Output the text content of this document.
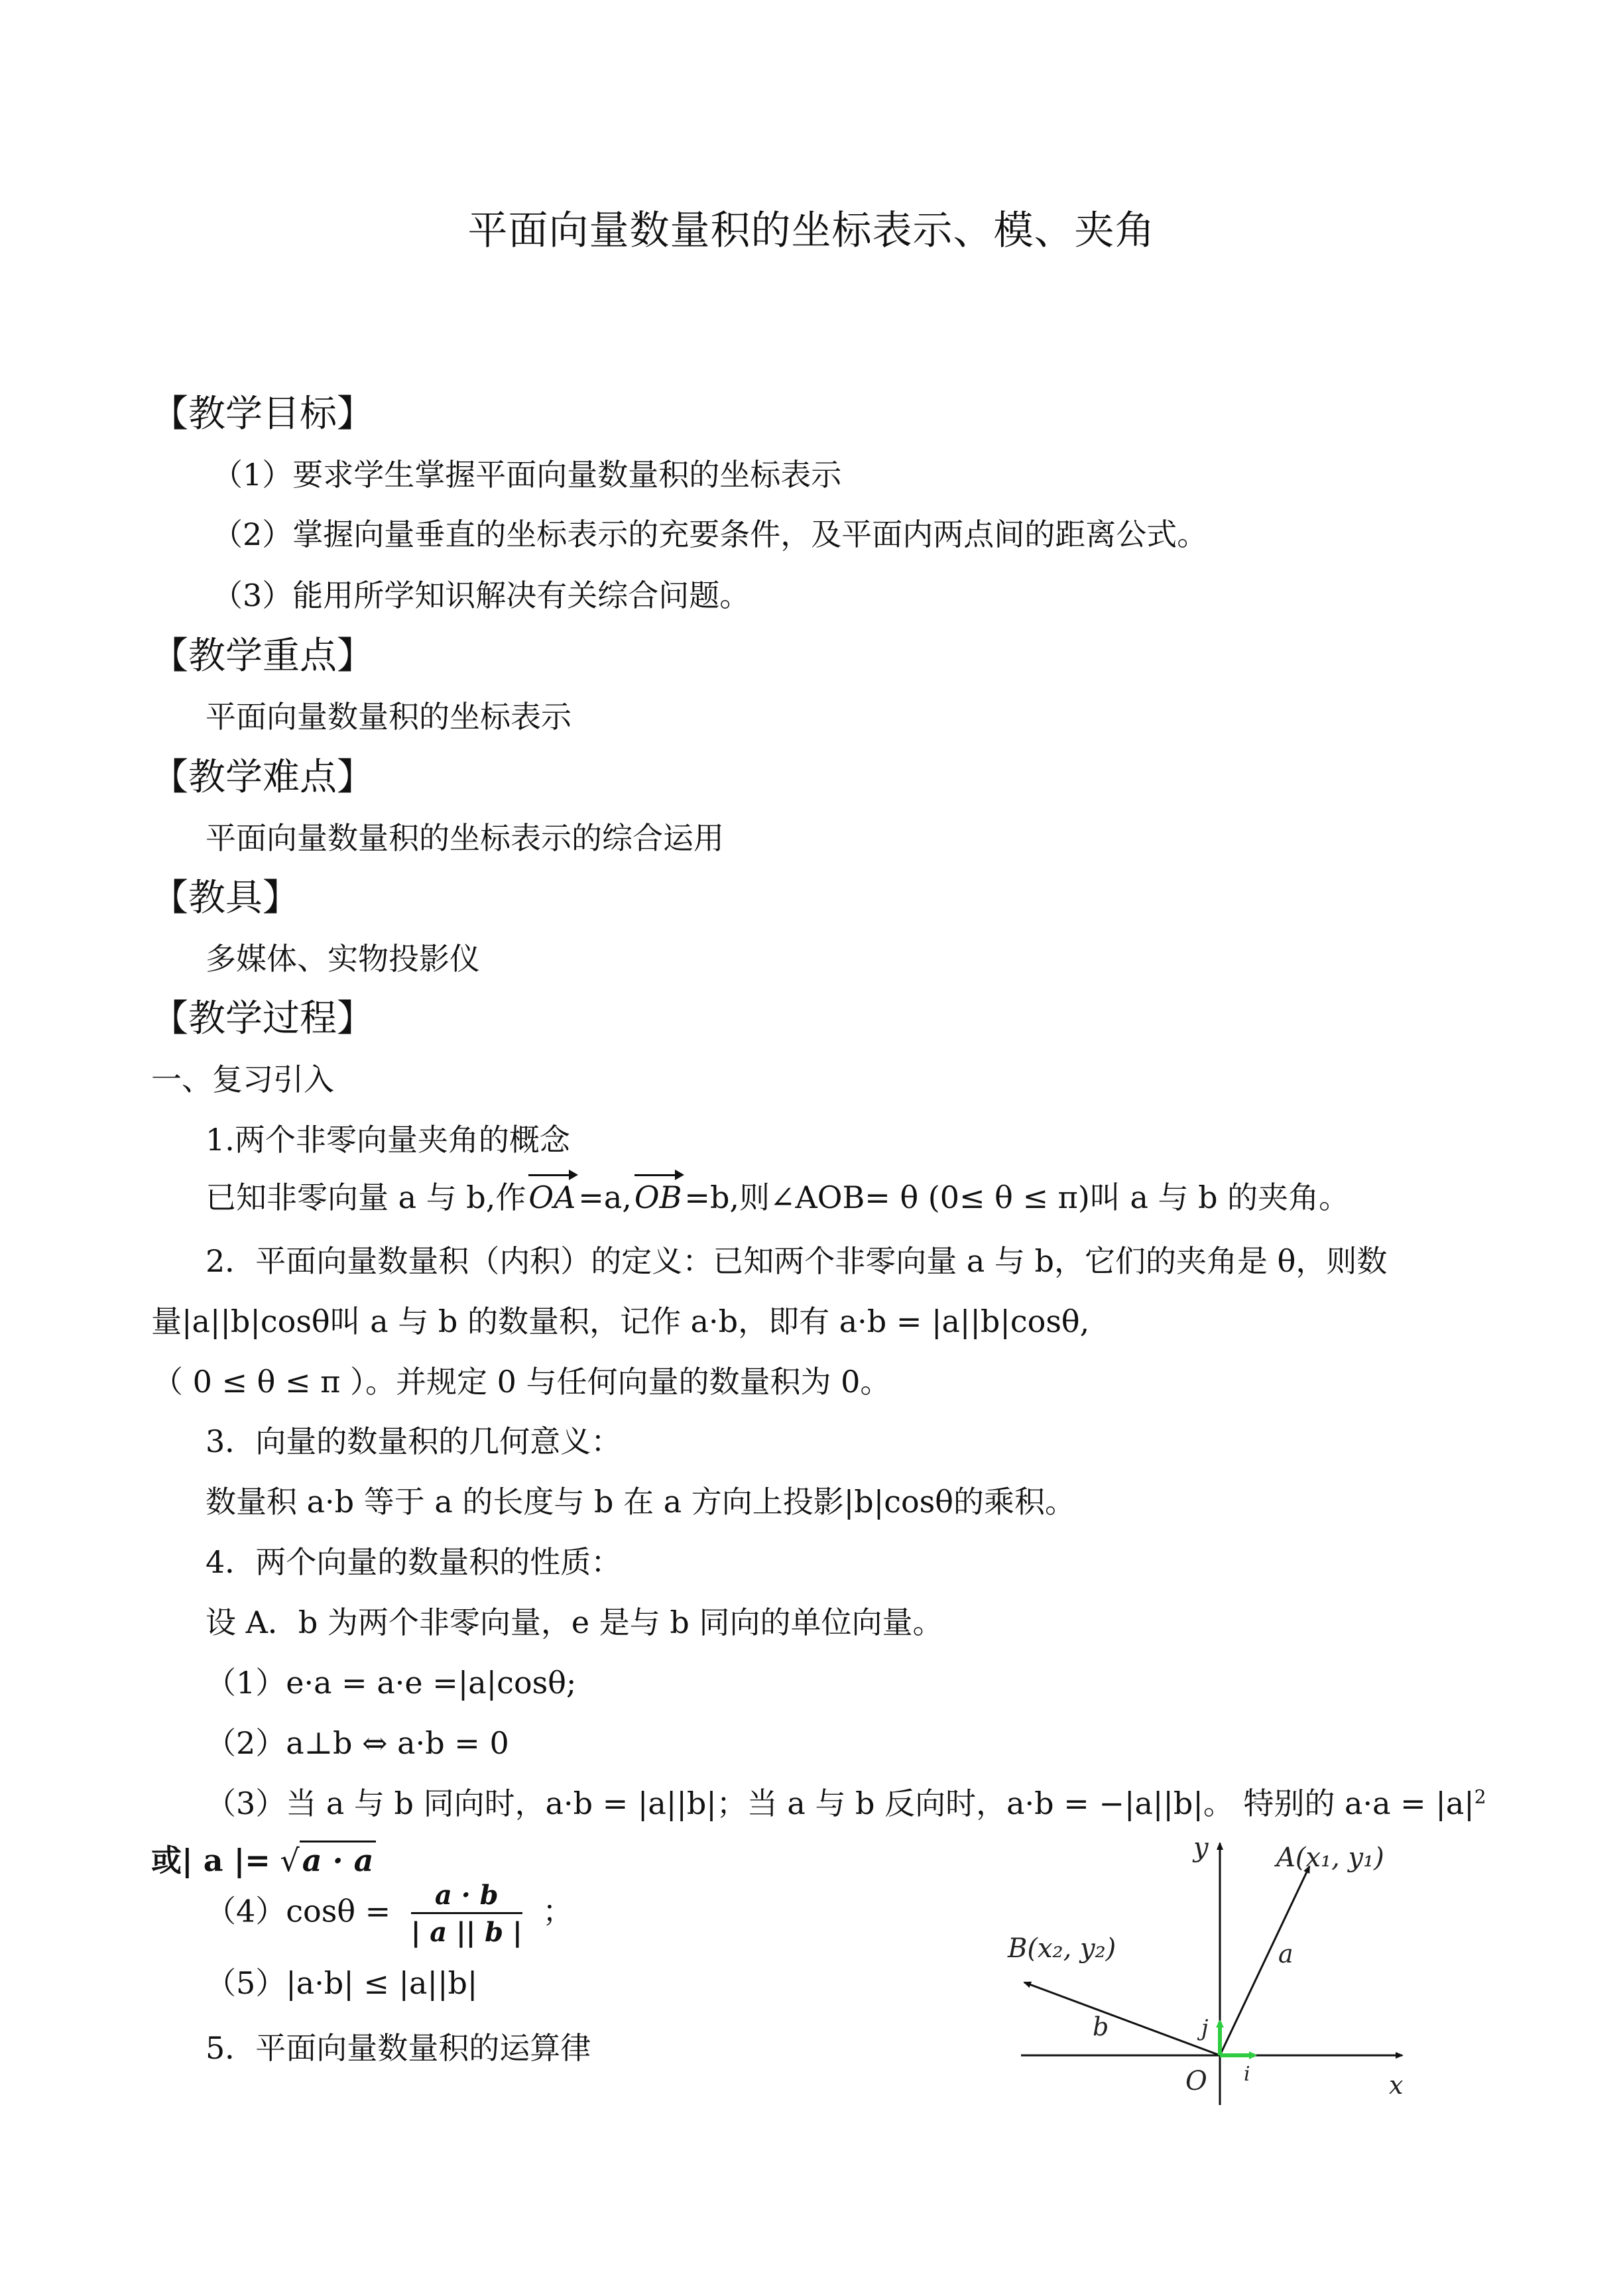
平面向量数量积的坐标表示、模、夹角
【教学目标】
（1）要求学生掌握平面向量数量积的坐标表示
（2）掌握向量垂直的坐标表示的充要条件，及平面内两点间的距离公式。
（3）能用所学知识解决有关综合问题。
【教学重点】
平面向量数量积的坐标表示
【教学难点】
平面向量数量积的坐标表示的综合运用
【教具】
多媒体、实物投影仪
【教学过程】
一、复习引入
1.两个非零向量夹角的概念
已知非零向量 a 与 b,作OA=a,OB=b,则∠AOB= θ (0≤ θ ≤ π)叫 a 与 b 的夹角。
2．平面向量数量积（内积）的定义：已知两个非零向量 a 与 b，它们的夹角是 θ，则数
量|a||b|cosθ叫 a 与 b 的数量积，记作 a·b，即有 a·b = |a||b|cosθ,
（ 0 ≤ θ ≤ π ）。并规定 0 与任何向量的数量积为 0。
3．向量的数量积的几何意义：
数量积 a·b 等于 a 的长度与 b 在 a 方向上投影|b|cosθ的乘积。
4．两个向量的数量积的性质：
设 A．b 为两个非零向量，e 是与 b 同向的单位向量。
（1）e·a = a·e =|a|cosθ;
（2）a⊥b ⇔ a·b = 0
（3）当 a 与 b 同向时，a·b = |a||b|；当 a 与 b 反向时，a·b = −|a||b|。 特别的 $a\cdot a = |a|^2$
或| a |= √a · a
$(4)\cos\theta = \frac{a \cdot b}{| a || b |}$ ；
（5）|a·b| ≤ |a||b|
5．平面向量数量积的运算律
y
x
O
A(x₁, y₁)
B(x₂, y₂)	a
b
i
j
